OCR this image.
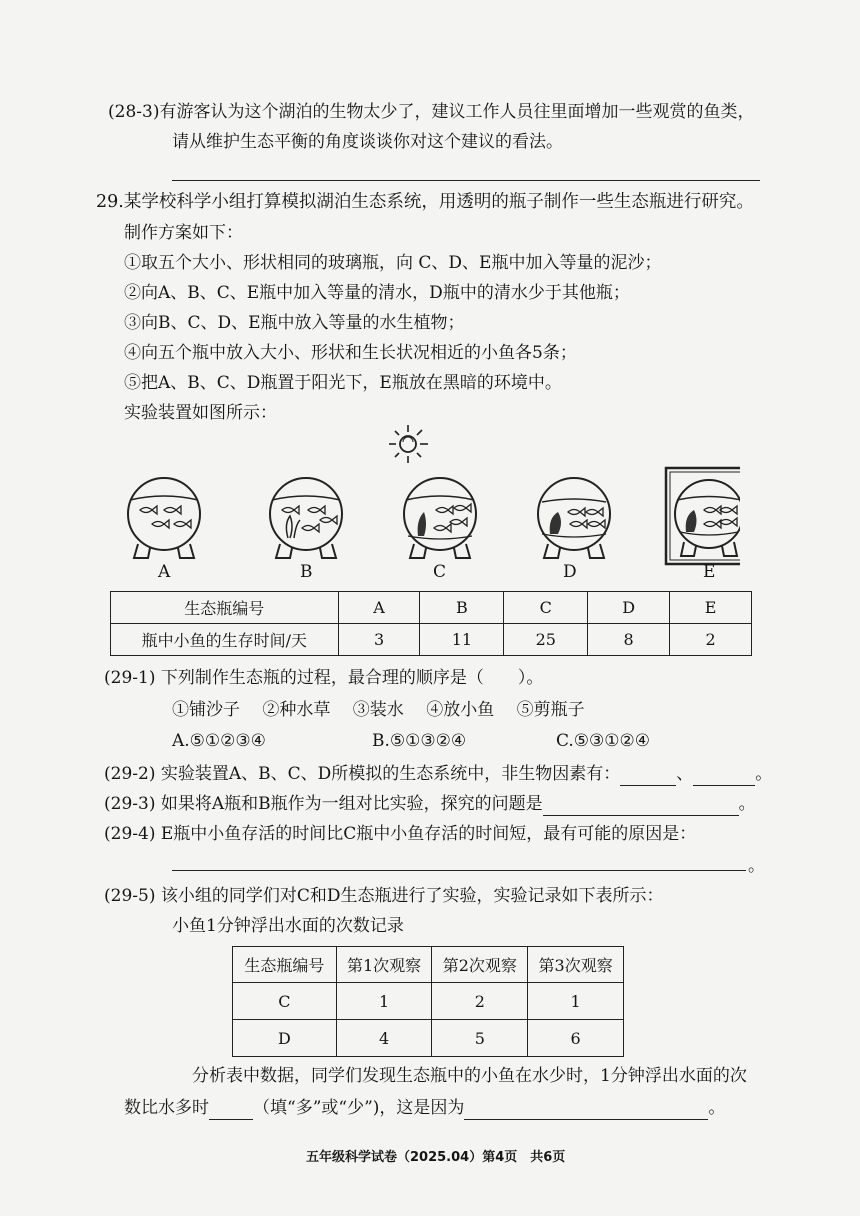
(28-3)有游客认为这个湖泊的生物太少了，建议工作人员往里面增加一些观赏的鱼类，
请从维护生态平衡的角度谈谈你对这个建议的看法。
29.某学校科学小组打算模拟湖泊生态系统，用透明的瓶子制作一些生态瓶进行研究。
制作方案如下：
①取五个大小、形状相同的玻璃瓶，向 C、D、E瓶中加入等量的泥沙；
②向A、B、C、E瓶中加入等量的清水，D瓶中的清水少于其他瓶；
③向B、C、D、E瓶中放入等量的水生植物；
④向五个瓶中放入大小、形状和生长状况相近的小鱼各5条；
⑤把A、B、C、D瓶置于阳光下，E瓶放在黑暗的环境中。
实验装置如图所示：
A	B	C	D	E
生态瓶编号	A	B	C	D	E
瓶中小鱼的生存时间/天	3	11	25	8	2
(29-1) 下列制作生态瓶的过程，最合理的顺序是（　　）。
①铺沙子　 ②种水草　 ③装水　 ④放小鱼　 ⑤剪瓶子
A.⑤①②③④	B.⑤①③②④	C.⑤③①②④
(29-2) 实验装置A、B、C、D所模拟的生态系统中，非生物因素有：	、	。
(29-3) 如果将A瓶和B瓶作为一组对比实验，探究的问题是	。
(29-4) E瓶中小鱼存活的时间比C瓶中小鱼存活的时间短，最有可能的原因是：
。
(29-5) 该小组的同学们对C和D生态瓶进行了实验，实验记录如下表所示：
小鱼1分钟浮出水面的次数记录
生态瓶编号	第1次观察	第2次观察	第3次观察
C	1	2	1
D	4	5	6
分析表中数据，同学们发现生态瓶中的小鱼在水少时，1分钟浮出水面的次
数比水多时	（填“多”或“少”)，这是因为	。
五年级科学试卷（2025.04）第4页　共6页
